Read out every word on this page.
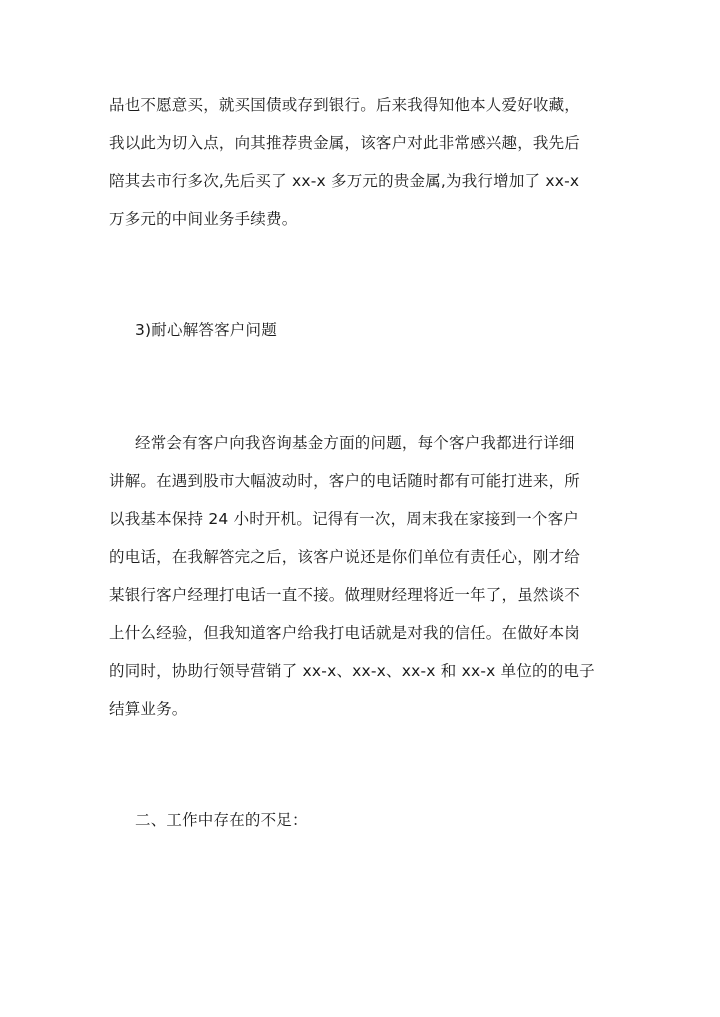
品也不愿意买，就买国债或存到银行。后来我得知他本人爱好收藏，
我以此为切入点，向其推荐贵金属，该客户对此非常感兴趣，我先后
陪其去市行多次,先后买了 xx-x 多万元的贵金属,为我行增加了 xx-x
万多元的中间业务手续费。
3)耐心解答客户问题
经常会有客户向我咨询基金方面的问题，每个客户我都进行详细
讲解。在遇到股市大幅波动时，客户的电话随时都有可能打进来，所
以我基本保持 24 小时开机。记得有一次，周末我在家接到一个客户
的电话，在我解答完之后，该客户说还是你们单位有责任心，刚才给
某银行客户经理打电话一直不接。做理财经理将近一年了，虽然谈不
上什么经验，但我知道客户给我打电话就是对我的信任。在做好本岗
的同时，协助行领导营销了 xx-x、xx-x、xx-x 和 xx-x 单位的的电子
结算业务。
二、工作中存在的不足：
